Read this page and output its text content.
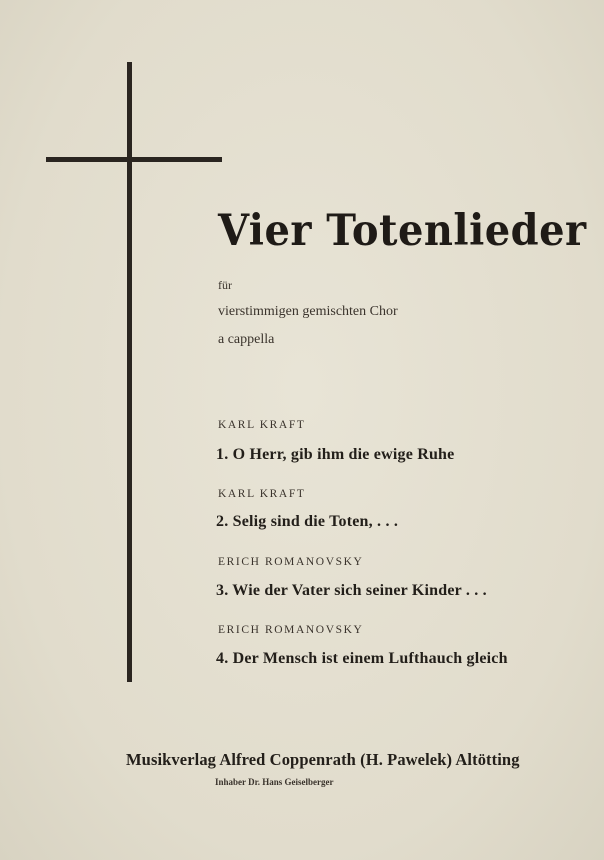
Vier Totenlieder
für
vierstimmigen gemischten Chor
a cappella
KARL KRAFT
1. O Herr, gib ihm die ewige Ruhe
KARL KRAFT
2. Selig sind die Toten, . . .
ERICH ROMANOVSKY
3. Wie der Vater sich seiner Kinder . . .
ERICH ROMANOVSKY
4. Der Mensch ist einem Lufthauch gleich
Musikverlag Alfred Coppenrath (H. Pawelek) Altötting
Inhaber Dr. Hans Geiselberger
